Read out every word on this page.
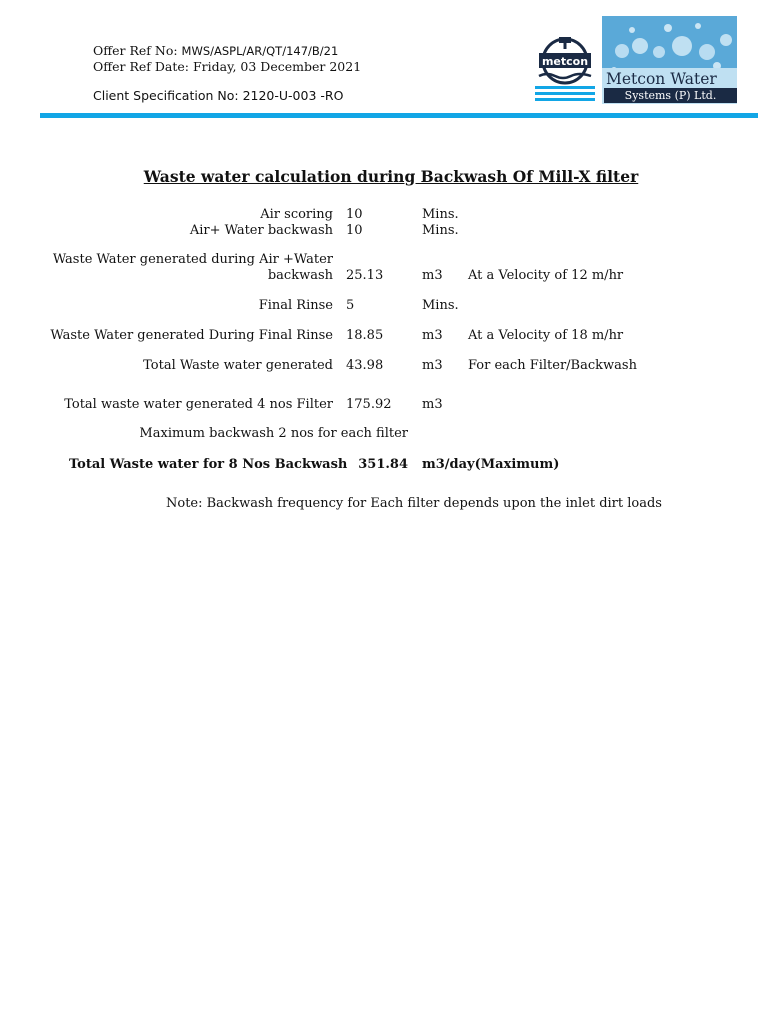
Offer Ref No: MWS/ASPL/AR/QT/147/B/21
Offer Ref Date: Friday, 03 December 2021
Client Specification No: 2120-U-003 -RO
metcon
Metcon Water
Systems (P) Ltd.
Waste water calculation during Backwash Of Mill-X filter
Air scoring 10	Mins.
Air+ Water backwash 10	Mins.
Waste Water generated during Air +Water
backwash 25.13	m3 At a Velocity of 12 m/hr
Final Rinse 5	Mins.
Waste Water generated During Final Rinse 18.85	m3 At a Velocity of 18 m/hr
Total Waste water generated 43.98	m3 For each Filter/Backwash
Total waste water generated 4 nos Filter 175.92 m3
Maximum backwash 2 nos for each filter
Total Waste water for 8 Nos Backwash 351.84 m3/day(Maximum)
Note: Backwash frequency for Each filter depends upon the inlet dirt loads
